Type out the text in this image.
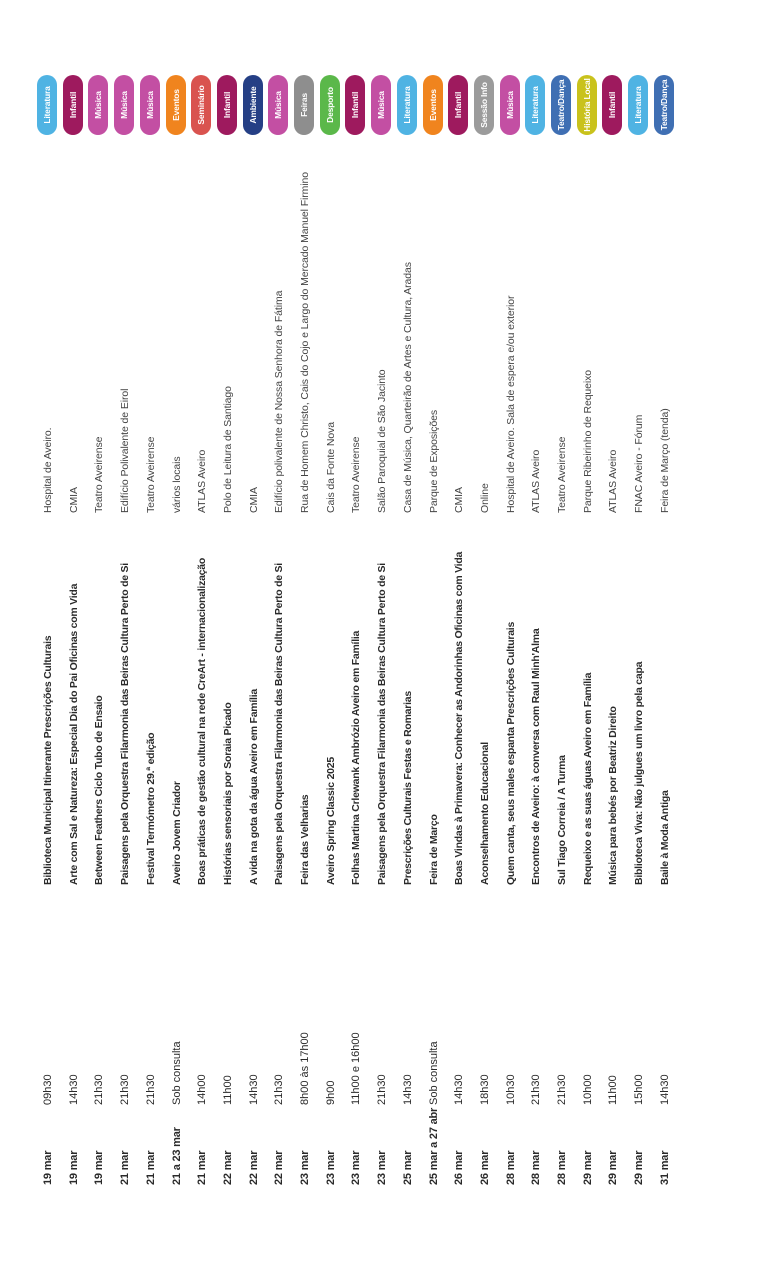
19 mar
09h30
Biblioteca Municipal Itinerante Prescrições Culturais
Hospital de Aveiro.
Literatura
19 mar
14h30
Arte com Sal e Natureza: Especial Dia do Pai Oficinas com Vida
CMIA
Infantil
19 mar
21h30
Between Feathers Ciclo Tubo de Ensaio
Teatro Aveirense
Música
21 mar
21h30
Paisagens pela Orquestra Filarmonia das Beiras Cultura Perto de Si
Edifício Polivalente de Eirol
Música
21 mar
21h30
Festival Termómetro 29.ª edição
Teatro Aveirense
Música
21 a 23 mar
Sob consulta
Aveiro Jovem Criador
vários locais
Eventos
21 mar
14h00
Boas práticas de gestão cultural na rede CreArt - internacionalização
ATLAS Aveiro
Seminário
22 mar
11h00
Histórias sensoriais por Soraia Picado
Polo de Leitura de Santiago
Infantil
22 mar
14h30
A vida na gota da água Aveiro em Família
CMIA
Ambiente
22 mar
21h30
Paisagens pela Orquestra Filarmonia das Beiras Cultura Perto de Si
Edifício polivalente de Nossa Senhora de Fátima
Música
23 mar
8h00 às 17h00
Feira das Velharias
Rua de Homem Christo, Cais do Cojo e Largo do Mercado Manuel Firmino
Feiras
23 mar
9h00
Aveiro Spring Classic 2025
Cais da Fonte Nova
Desporto
23 mar
11h00 e 16h00
Folhas Martina Crlewank Ambrózio Aveiro em Família
Teatro Aveirense
Infantil
23 mar
21h30
Paisagens pela Orquestra Filarmonia das Beiras Cultura Perto de Si
Salão Paroquial de São Jacinto
Música
25 mar
14h30
Prescrições Culturais Festas e Romarias
Casa de Música, Quarteirão de Artes e Cultura, Aradas
Literatura
25 mar a 27 abr
Sob consulta
Feira de Março
Parque de Exposições
Eventos
26 mar
14h30
Boas Vindas à Primavera: Conhecer as Andorinhas Oficinas com Vida
CMIA
Infantil
26 mar
18h30
Aconselhamento Educacional
Online
Sessão Info
28 mar
10h30
Quem canta, seus males espanta Prescrições Culturais
Hospital de Aveiro. Sala de espera e/ou exterior
Música
28 mar
21h30
Encontros de Aveiro: à conversa com Raul Minh'Alma
ATLAS Aveiro
Literatura
28 mar
21h30
Sul Tiago Correia / A Turma
Teatro Aveirense
Teatro/Dança
29 mar
10h00
Requeixo e as suas águas Aveiro em Família
Parque Ribeirinho de Requeixo
História Local
29 mar
11h00
Música para bebés por Beatriz Direito
ATLAS Aveiro
Infantil
29 mar
15h00
Biblioteca Viva: Não julgues um livro pela capa
FNAC Aveiro - Fórum
Literatura
31 mar
14h30
Baile à Moda Antiga
Feira de Março (tenda)
Teatro/Dança
